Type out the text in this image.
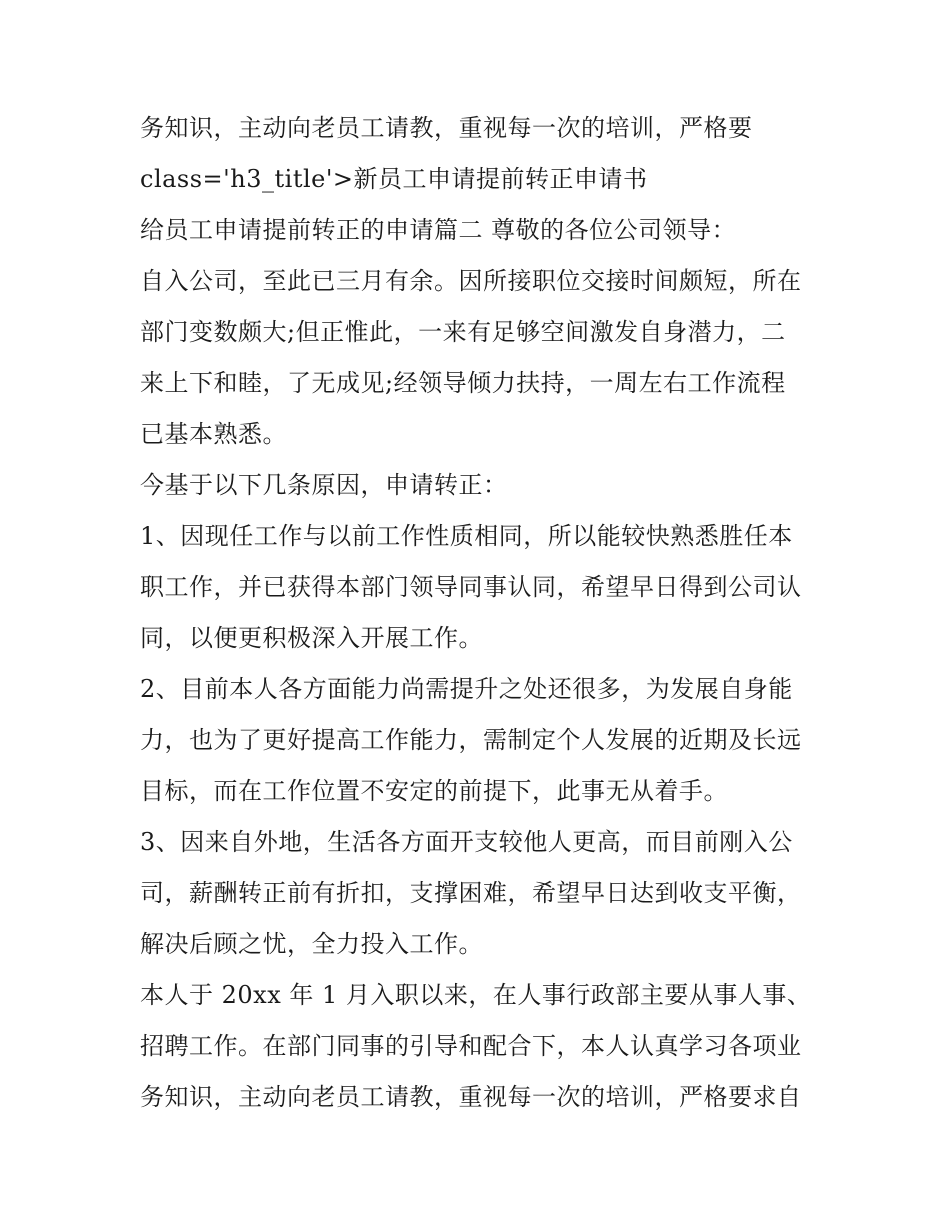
务知识，主动向老员工请教，重视每一次的培训，严格要
class='h3_title'>新员工申请提前转正申请书
给员工申请提前转正的申请篇二 尊敬的各位公司领导：
自入公司，至此已三月有余。因所接职位交接时间颇短，所在
部门变数颇大;但正惟此，一来有足够空间激发自身潜力，二
来上下和睦，了无成见;经领导倾力扶持，一周左右工作流程
已基本熟悉。
今基于以下几条原因，申请转正：
1、因现任工作与以前工作性质相同，所以能较快熟悉胜任本
职工作，并已获得本部门领导同事认同，希望早日得到公司认
同，以便更积极深入开展工作。
2、目前本人各方面能力尚需提升之处还很多，为发展自身能
力，也为了更好提高工作能力，需制定个人发展的近期及长远
目标，而在工作位置不安定的前提下，此事无从着手。
3、因来自外地，生活各方面开支较他人更高，而目前刚入公
司，薪酬转正前有折扣，支撑困难，希望早日达到收支平衡，
解决后顾之忧，全力投入工作。
本人于 20xx 年 1 月入职以来，在人事行政部主要从事人事、
招聘工作。在部门同事的引导和配合下，本人认真学习各项业
务知识，主动向老员工请教，重视每一次的培训，严格要求自
